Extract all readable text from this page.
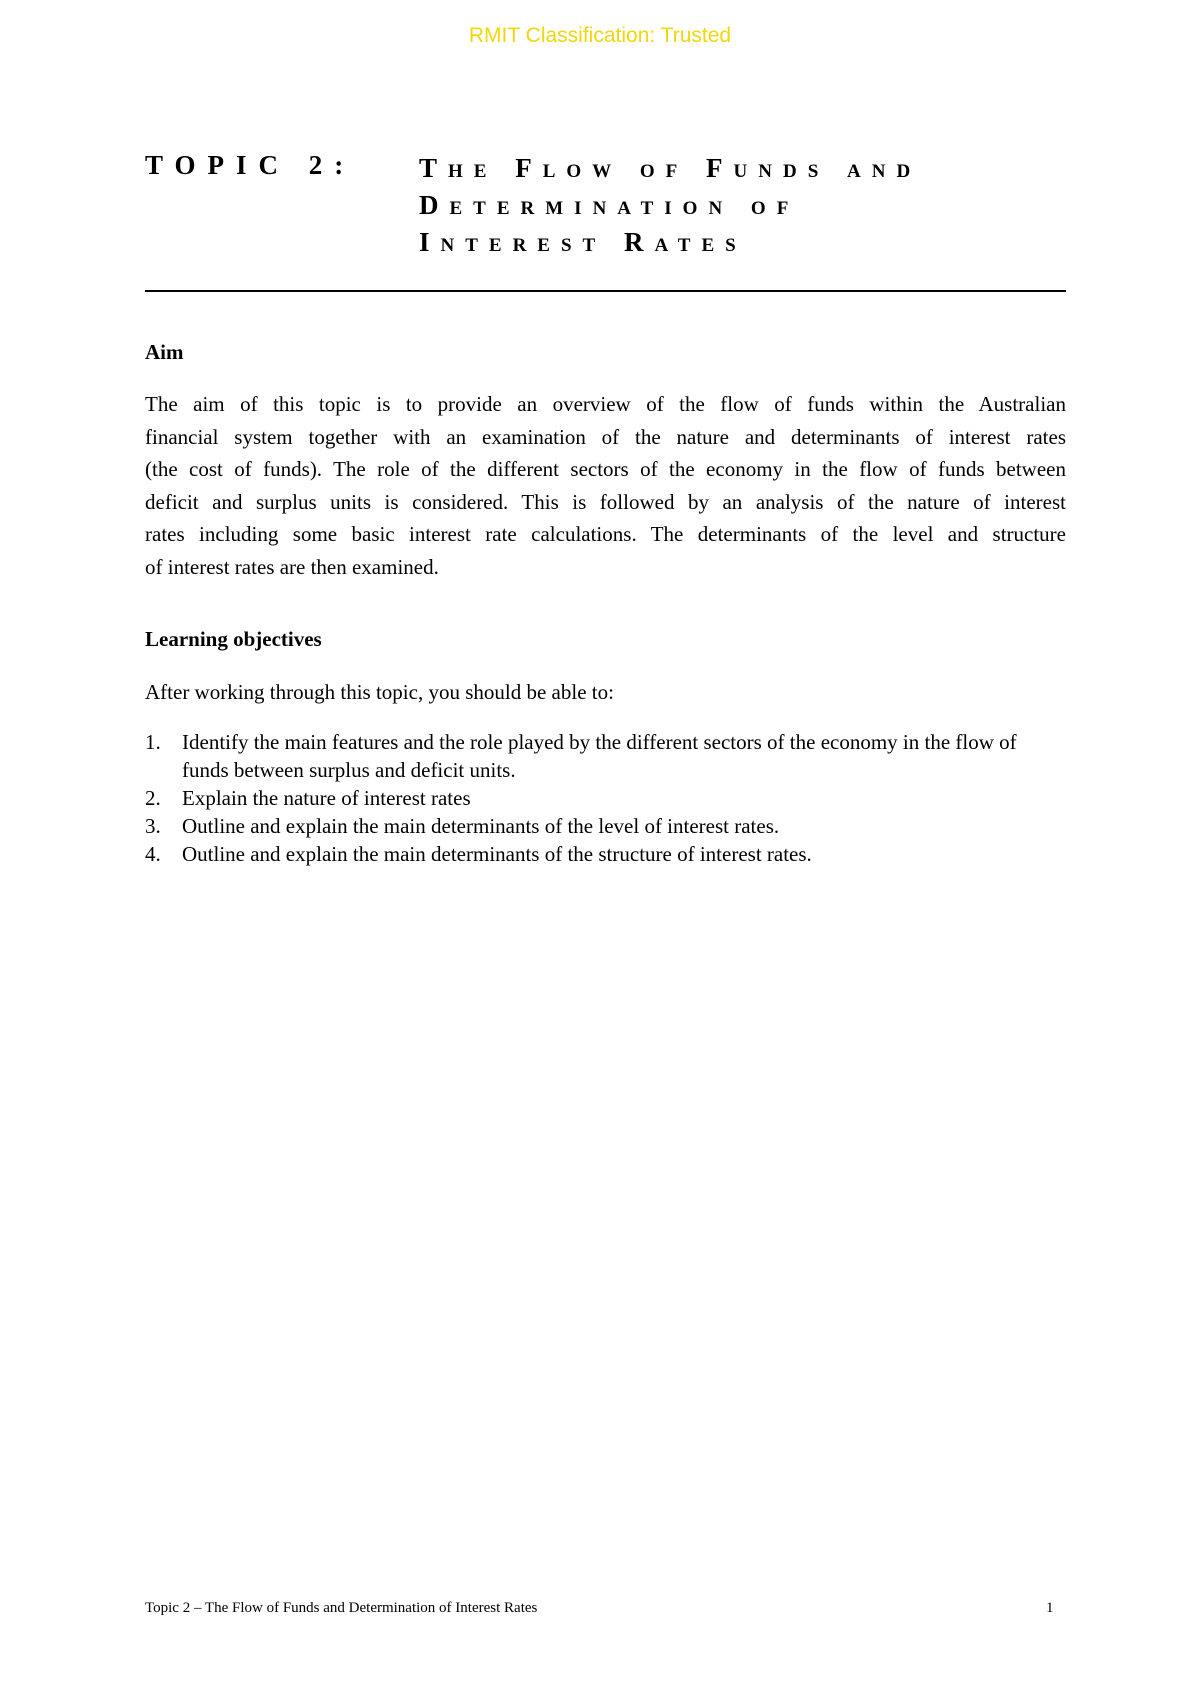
RMIT Classification: Trusted
TOPIC 2: The Flow of Funds and
Determination of
Interest Rates
Aim
The aim of this topic is to provide an overview of the flow of funds within the Australian
financial system together with an examination of the nature and determinants of interest rates
(the cost of funds). The role of the different sectors of the economy in the flow of funds between
deficit and surplus units is considered. This is followed by an analysis of the nature of interest
rates including some basic interest rate calculations. The determinants of the level and structure
of interest rates are then examined.
Learning objectives
After working through this topic, you should be able to:
1. Identify the main features and the role played by the different sectors of the economy in the flow of funds between surplus and deficit units.
2. Explain the nature of interest rates
3. Outline and explain the main determinants of the level of interest rates.
4. Outline and explain the main determinants of the structure of interest rates.
Topic 2 – The Flow of Funds and Determination of Interest Rates	1
